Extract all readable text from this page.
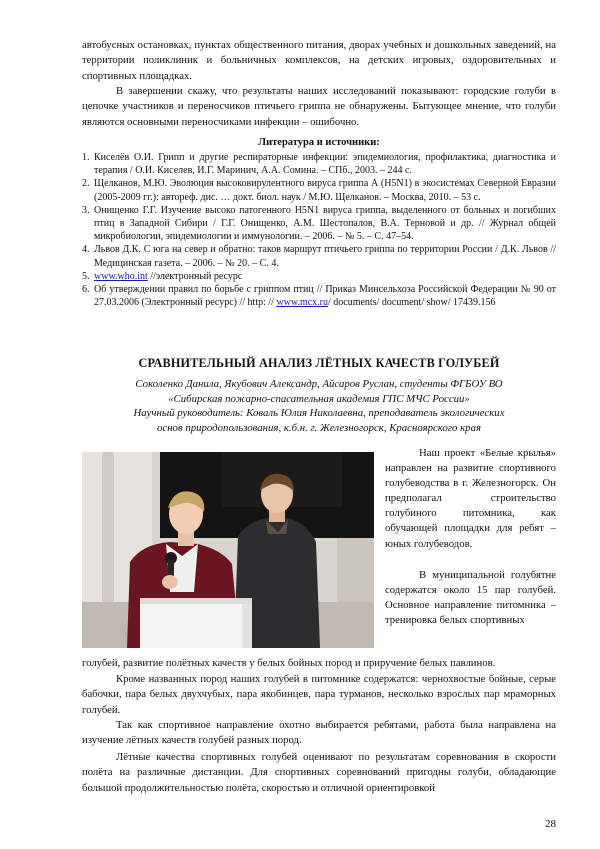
автобусных остановках, пунктах общественного питания, дворах учебных и дошкольных заведений, на территории поликлиник и больничных комплексов, на детских игровых, оздоровительных и спортивных площадках.

В завершении скажу, что результаты наших исследований показывают: городские голуби в цепочке участников и переносчиков птичьего гриппа не обнаружены. Бытующее мнение, что голуби являются основными переносчиками инфекции – ошибочно.

Литература и источники:
1. Киселёв О.И. Грипп и другие респираторные инфекции: эпидемиология, профилактика, диагностика и терапия / О.И. Киселев, И.Г. Маринич, А.А. Сомина. – СПб., 2003. – 244 с.
2. Щелканов, М.Ю. Эволюция высоковирулентного вируса гриппа А (H5N1) в экосистемах Северной Евразии (2005-2009 гг.): автореф. дис. … докт. биол. наук / М.Ю. Щелканов. – Москва, 2010. – 53 с.
3. Онищенко Г.Г. Изучение высоко патогенного H5N1 вируса гриппа, выделенного от больных и погибших птиц в Западной Сибири / Г.Г. Онищенко, А.М. Шестопалов, В.А. Терновой и др. // Журнал общей микробиологии, эпидемиологии и иммунологии. – 2006. – № 5. – С. 47–54.
4. Львов Д.К. С юга на север и обратно: таков маршрут птичьего гриппа по территории России / Д.К. Львов // Медицинская газета. – 2006. – № 20. – С. 4.
5. www.who.int //электронный ресурс
6. Об утверждении правил по борьбе с гриппом птиц // Приказ Минсельхоза Российской Федерации № 90 от 27.03.2006 (Электронный ресурс) // http: // www.mcx.ru/ documents/ document/ show/ 17439.156
СРАВНИТЕЛЬНЫЙ АНАЛИЗ ЛЁТНЫХ КАЧЕСТВ ГОЛУБЕЙ
Соколенко Данила, Якубович Александр, Айсаров Руслан, студенты ФГБОУ ВО
«Сибирская пожарно-спасательная академия ГПС МЧС России»
Научный руководитель: Коваль Юлия Николаевна, преподаватель экологических
основ природопользования, к.б.н. г. Железногорск, Красноярского края

Наш проект «Белые крылья» направлен на развитие спортивного голубеводства в г. Железногорск. Он предполагал строительство голубиного питомника, как обучающей площадки для ребят – юных голубеводов.

В муниципальной голубятне содержатся около 15 пар голубей. Основное направление питомника – тренировка белых спортивных

голубей, развитие полётных качеств у белых бойных пород и приручение белых павлинов.

Кроме названных пород наших голубей в питомнике содержатся: чернохвостые бойные, серые бабочки, пара белых двухчубых, пара якобинцев, пара турманов, несколько взрослых пар мраморных голубей.

Так как спортивное направление охотно выбирается ребятами, работа была направлена на изучение лётных качеств голубей разных пород.

Лётные качества спортивных голубей оценивают по результатам соревнования в скорости полёта на различные дистанции. Для спортивных соревнований пригодны голуби, обладающие большой продолжительностью полёта, скоростью и отличной ориентировкой

28
